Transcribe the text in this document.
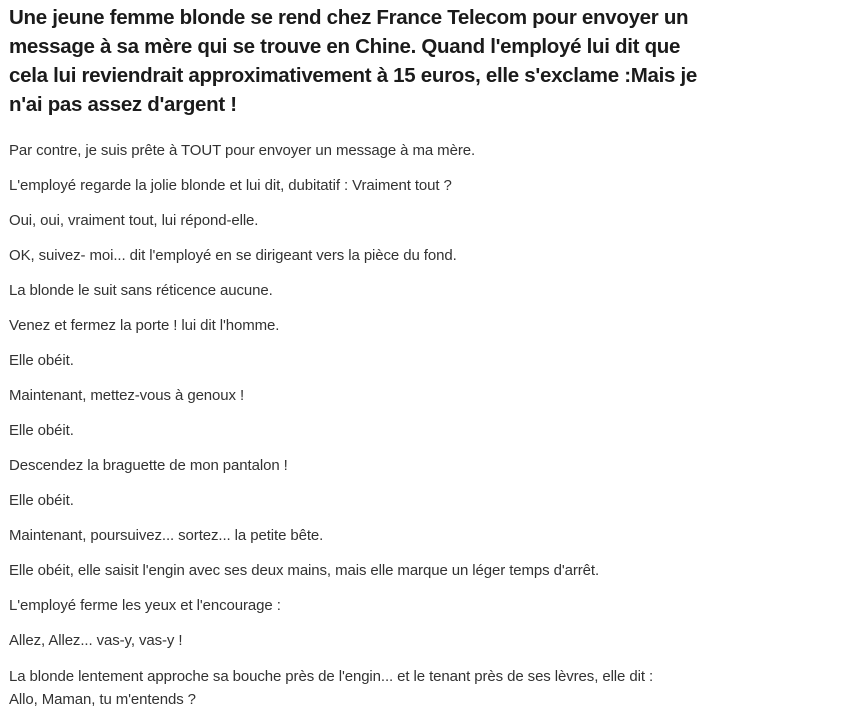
Une jeune femme blonde se rend chez France Telecom pour envoyer un
message à sa mère qui se trouve en Chine. Quand l'employé lui dit que
cela lui reviendrait approximativement à 15 euros, elle s'exclame :Mais je
n'ai pas assez d'argent !

Par contre, je suis prête à TOUT pour envoyer un message à ma mère.

L'employé regarde la jolie blonde et lui dit, dubitatif : Vraiment tout ?

Oui, oui, vraiment tout, lui répond-elle.

OK, suivez- moi... dit l'employé en se dirigeant vers la pièce du fond.

La blonde le suit sans réticence aucune.

Venez et fermez la porte ! lui dit l'homme.

Elle obéit.

Maintenant, mettez-vous à genoux !

Elle obéit.

Descendez la braguette de mon pantalon !

Elle obéit.

Maintenant, poursuivez... sortez... la petite bête.

Elle obéit, elle saisit l'engin avec ses deux mains, mais elle marque un léger temps d'arrêt.

L'employé ferme les yeux et l'encourage :

Allez, Allez... vas-y, vas-y !

La blonde lentement approche sa bouche près de l'engin... et le tenant près de ses lèvres, elle dit :
Allo, Maman, tu m'entends ?
